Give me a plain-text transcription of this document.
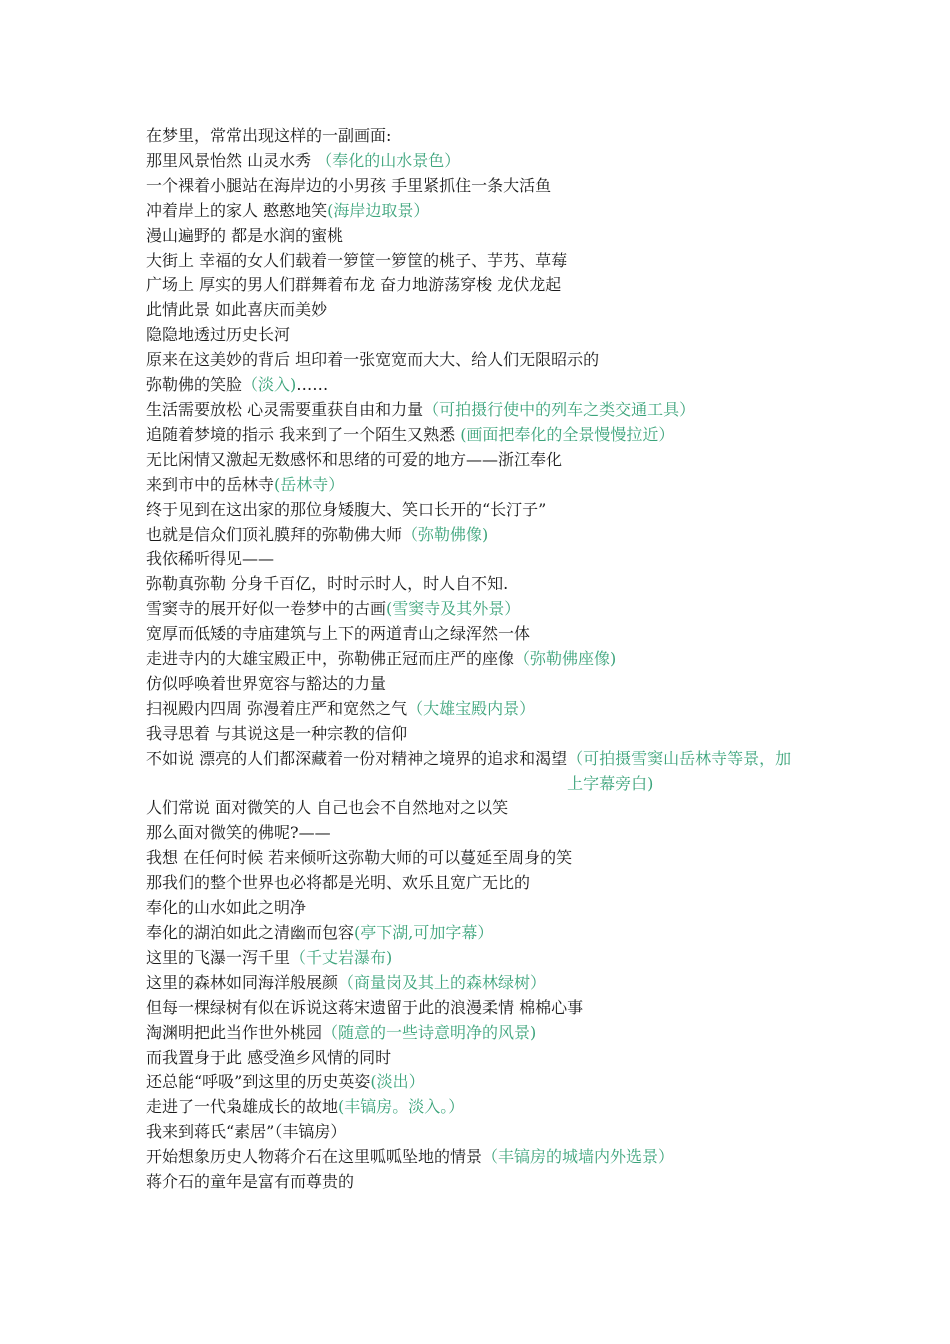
在梦里，常常出现这样的一副画面:
那里风景怡然 山灵水秀 （奉化的山水景色）
一个裸着小腿站在海岸边的小男孩 手里紧抓住一条大活鱼
冲着岸上的家人 憨憨地笑(海岸边取景）
漫山遍野的 都是水润的蜜桃
大街上 幸福的女人们载着一箩筐一箩筐的桃子、芋艿、草莓
广场上 厚实的男人们群舞着布龙 奋力地游荡穿梭 龙伏龙起
此情此景 如此喜庆而美妙
隐隐地透过历史长河
原来在这美妙的背后 坦印着一张宽宽而大大、给人们无限昭示的
弥勒佛的笑脸（淡入)……
生活需要放松 心灵需要重获自由和力量（可拍摄行使中的列车之类交通工具）
追随着梦境的指示 我来到了一个陌生又熟悉 (画面把奉化的全景慢慢拉近）
无比闲情又激起无数感怀和思绪的可爱的地方——浙江奉化
来到市中的岳林寺(岳林寺）
终于见到在这出家的那位身矮腹大、笑口长开的“长汀子”
也就是信众们顶礼膜拜的弥勒佛大师（弥勒佛像)
我依稀听得见——
弥勒真弥勒 分身千百亿，时时示时人，时人自不知.
雪窦寺的展开好似一卷梦中的古画(雪窦寺及其外景）
宽厚而低矮的寺庙建筑与上下的两道青山之绿浑然一体
走进寺内的大雄宝殿正中，弥勒佛正冠而庄严的座像（弥勒佛座像)
仿似呼唤着世界宽容与豁达的力量
扫视殿内四周 弥漫着庄严和宽然之气（大雄宝殿内景）
我寻思着 与其说这是一种宗教的信仰
不如说 漂亮的人们都深藏着一份对精神之境界的追求和渴望（可拍摄雪窦山岳林寺等景，加上字幕旁白)
人们常说 面对微笑的人 自己也会不自然地对之以笑
那么面对微笑的佛呢?——
我想 在任何时候 若来倾听这弥勒大师的可以蔓延至周身的笑
那我们的整个世界也必将都是光明、欢乐且宽广无比的
奉化的山水如此之明净
奉化的湖泊如此之清幽而包容(亭下湖,可加字幕）
这里的飞瀑一泻千里（千丈岩瀑布)
这里的森林如同海洋般展颜（商量岗及其上的森林绿树）
但每一棵绿树有似在诉说这蒋宋遗留于此的浪漫柔情 棉棉心事
淘渊明把此当作世外桃园（随意的一些诗意明净的风景)
而我置身于此 感受渔乡风情的同时
还总能“呼吸”到这里的历史英姿(淡出）
走进了一代枭雄成长的故地(丰镐房。淡入。）
我来到蒋氏“素居”（丰镐房）
开始想象历史人物蒋介石在这里呱呱坠地的情景（丰镐房的城墙内外选景）
蒋介石的童年是富有而尊贵的
